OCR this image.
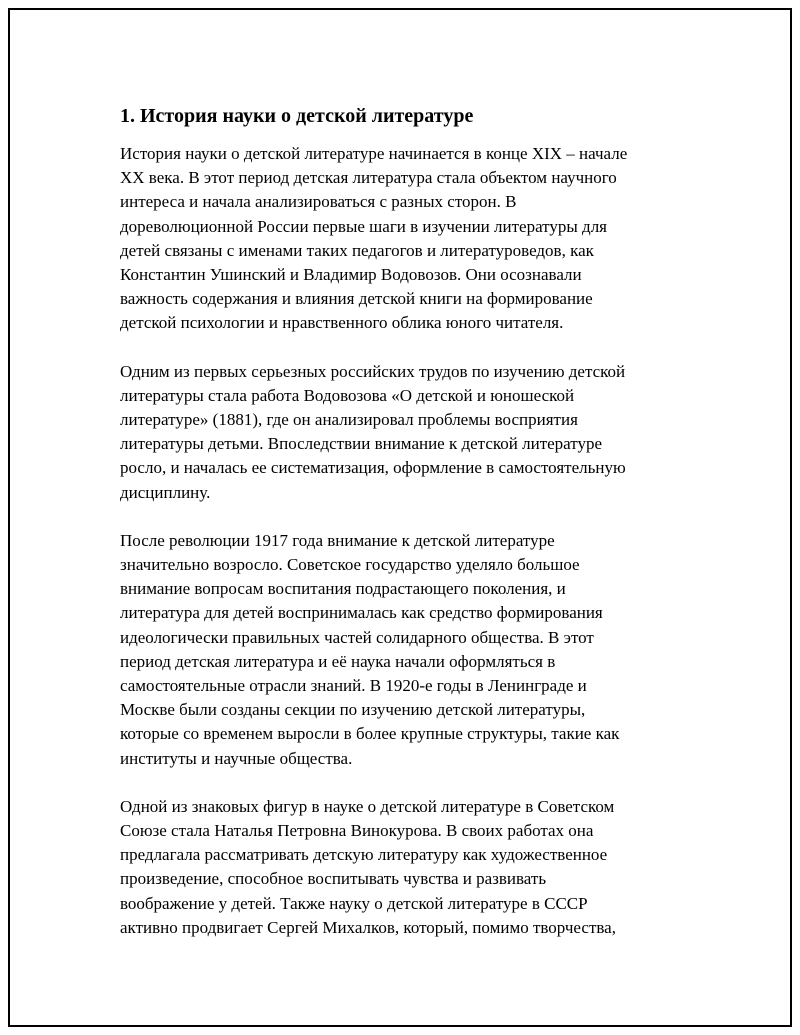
1. История науки о детской литературе

История науки о детской литературе начинается в конце XIX – начале
XX века. В этот период детская литература стала объектом научного
интереса и начала анализироваться с разных сторон. В
дореволюционной России первые шаги в изучении литературы для
детей связаны с именами таких педагогов и литературоведов, как
Константин Ушинский и Владимир Водовозов. Они осознавали
важность содержания и влияния детской книги на формирование
детской психологии и нравственного облика юного читателя.

Одним из первых серьезных российских трудов по изучению детской
литературы стала работа Водовозова «О детской и юношеской
литературе» (1881), где он анализировал проблемы восприятия
литературы детьми. Впоследствии внимание к детской литературе
росло, и началась ее систематизация, оформление в самостоятельную
дисциплину.

После революции 1917 года внимание к детской литературе
значительно возросло. Советское государство уделяло большое
внимание вопросам воспитания подрастающего поколения, и
литература для детей воспринималась как средство формирования
идеологически правильных частей солидарного общества. В этот
период детская литература и её наука начали оформляться в
самостоятельные отрасли знаний. В 1920-е годы в Ленинграде и
Москве были созданы секции по изучению детской литературы,
которые со временем выросли в более крупные структуры, такие как
институты и научные общества.

Одной из знаковых фигур в науке о детской литературе в Советском
Союзе стала Наталья Петровна Винокурова. В своих работах она
предлагала рассматривать детскую литературу как художественное
произведение, способное воспитывать чувства и развивать
воображение у детей. Также науку о детской литературе в СССР
активно продвигает Сергей Михалков, который, помимо творчества,
